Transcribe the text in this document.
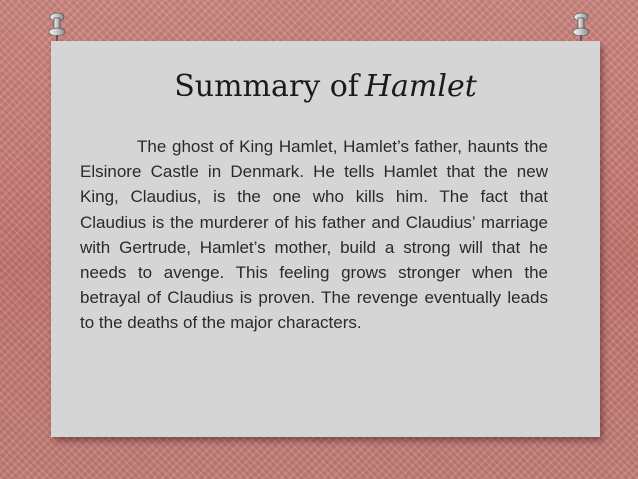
Summary of Hamlet

The ghost of King Hamlet, Hamlet’s father, haunts the Elsinore Castle in Denmark. He tells Hamlet that the new King, Claudius, is the one who kills him. The fact that Claudius is the murderer of his father and Claudius’ marriage with Gertrude, Hamlet’s mother, build a strong will that he needs to avenge. This feeling grows stronger when the betrayal of Claudius is proven. The revenge eventually leads to the deaths of the major characters.
